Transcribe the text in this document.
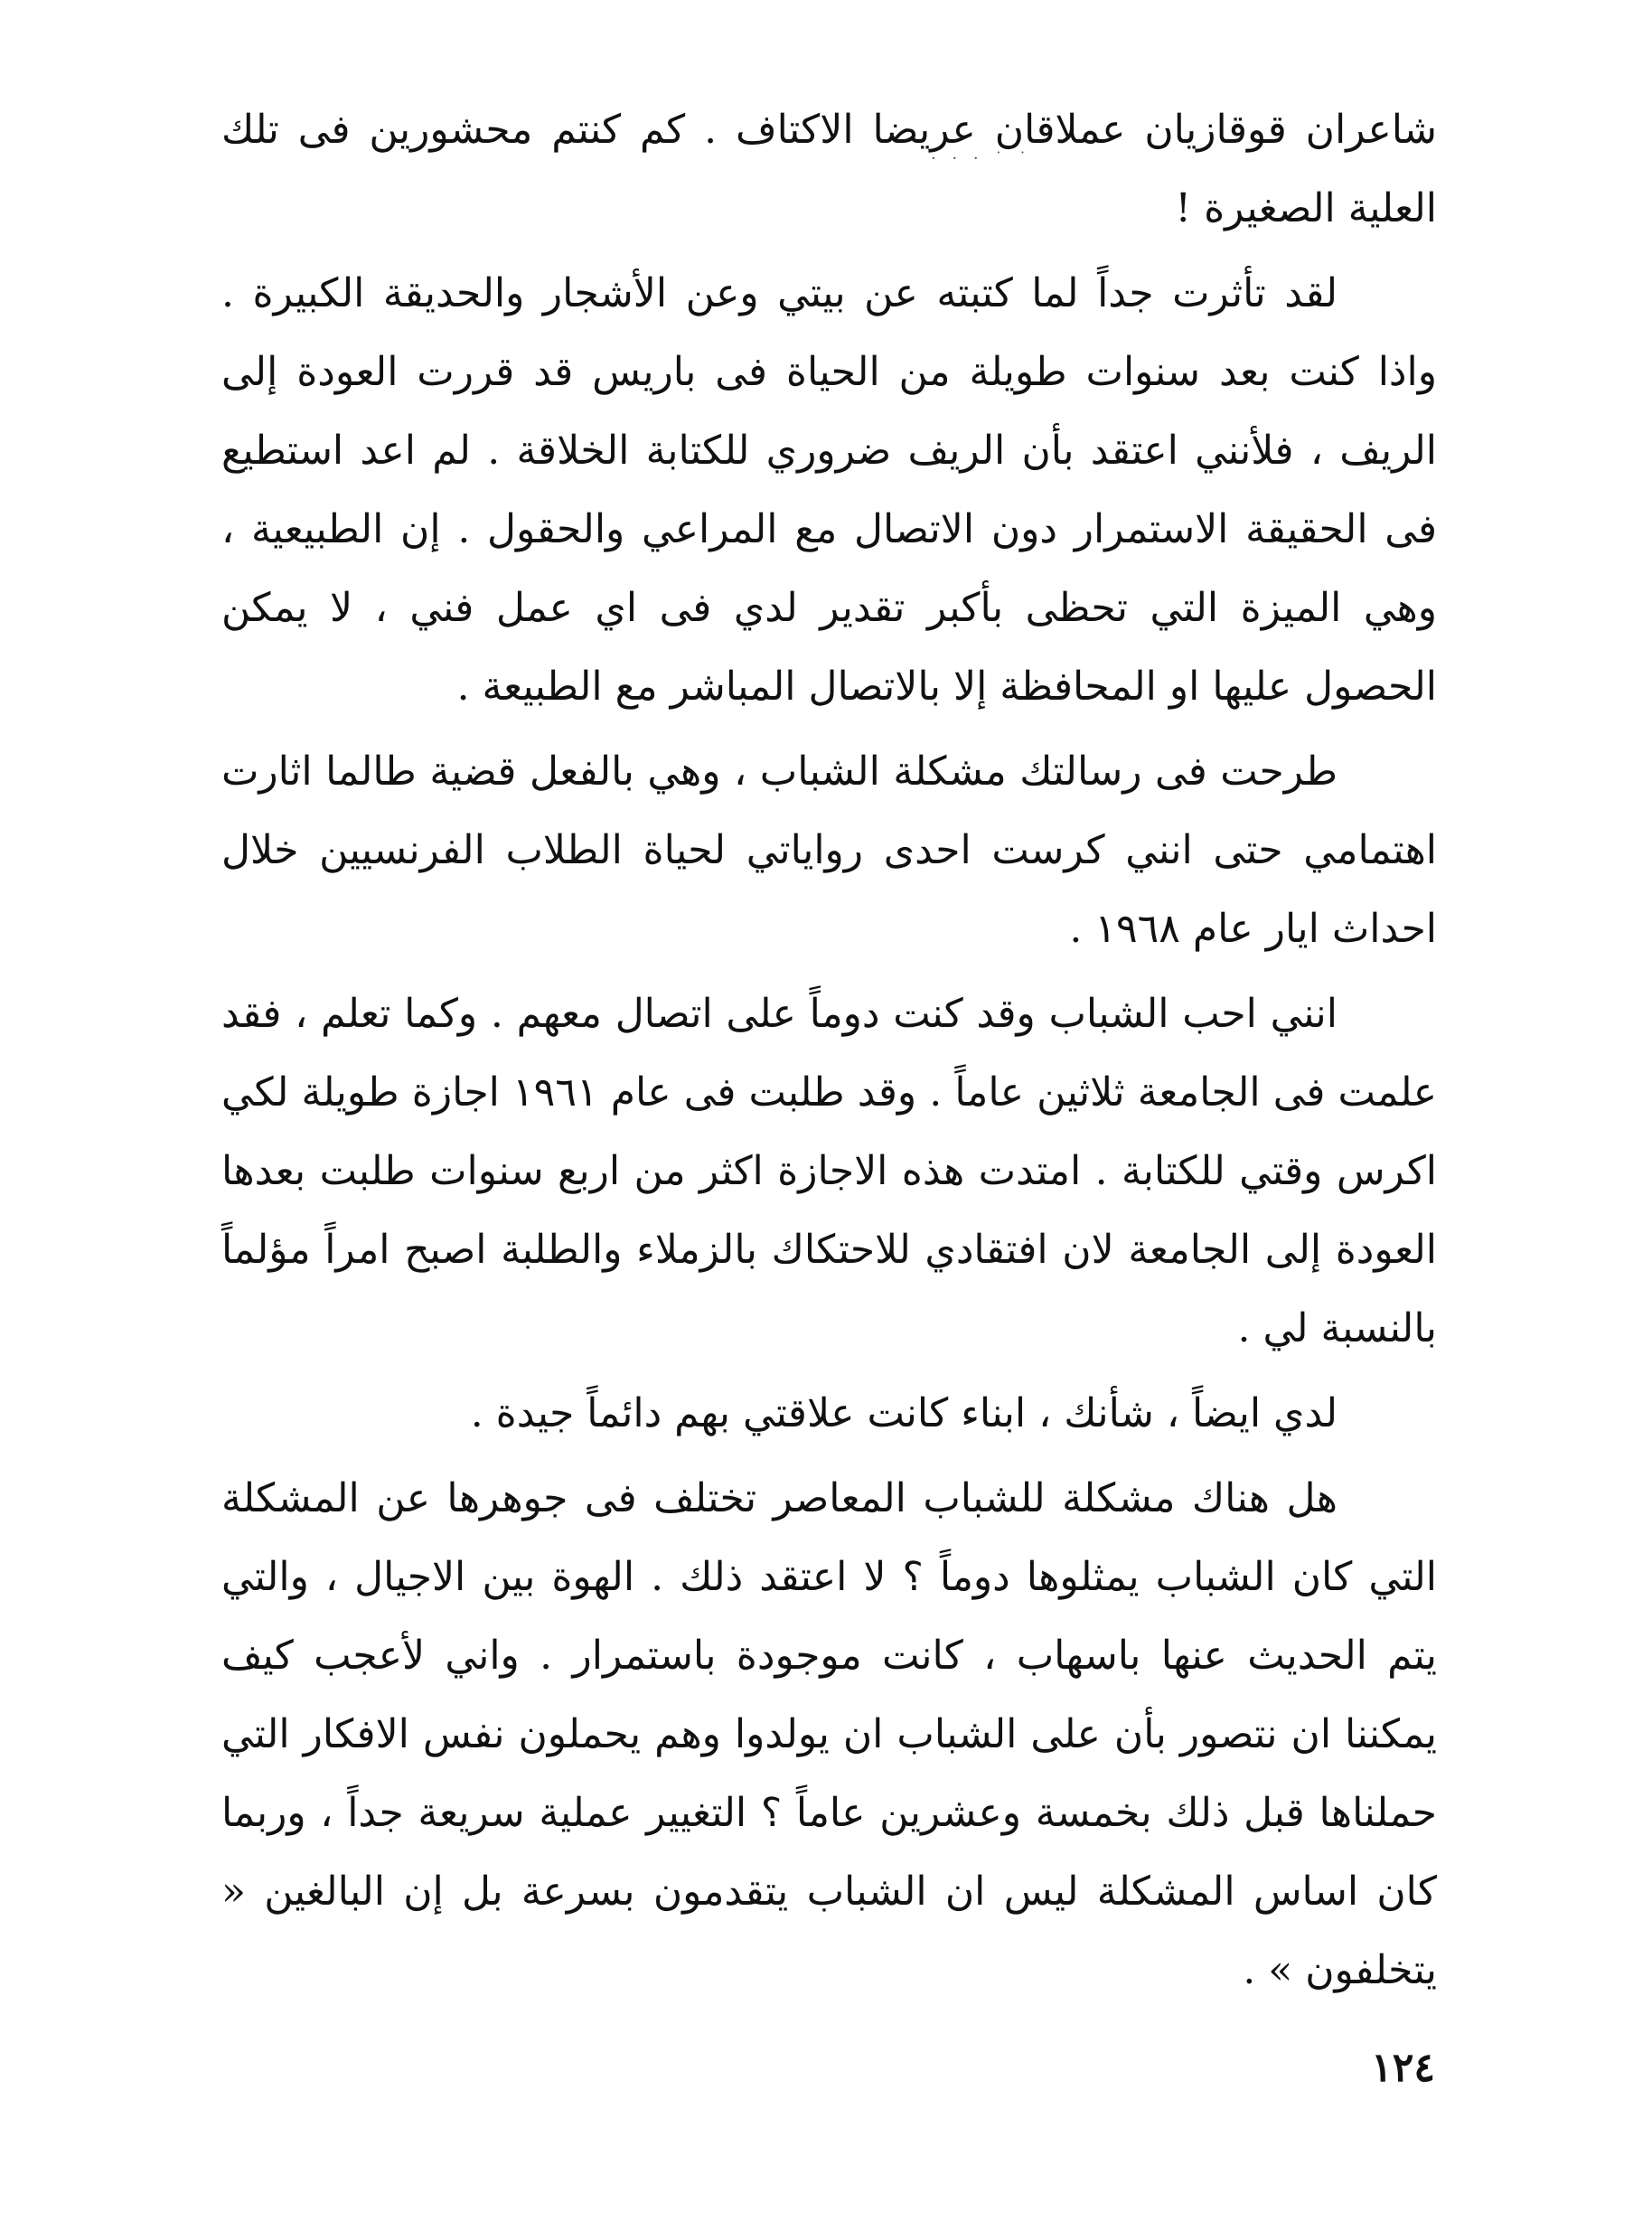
· · · ˙ ˙

شاعران قوقازيان عملاقان عريضا الاكتاف . كم كنتم محشورين فى تلك العلية الصغيرة !

لقد تأثرت جداً لما كتبته عن بيتي وعن الأشجار والحديقة الكبيرة . واذا كنت بعد سنوات طويلة من الحياة فى باريس قد قررت العودة إلى الريف ، فلأنني اعتقد بأن الريف ضروري للكتابة الخلاقة . لم اعد استطيع فى الحقيقة الاستمرار دون الاتصال مع المراعي والحقول . إن الطبيعية ، وهي الميزة التي تحظى بأكبر تقدير لدي فى اي عمل فني ، لا يمكن الحصول عليها او المحافظة إلا بالاتصال المباشر مع الطبيعة .

طرحت فى رسالتك مشكلة الشباب ، وهي بالفعل قضية طالما اثارت اهتمامي حتى انني كرست احدى رواياتي لحياة الطلاب الفرنسيين خلال احداث ايار عام ١٩٦٨ .

انني احب الشباب وقد كنت دوماً على اتصال معهم . وكما تعلم ، فقد علمت فى الجامعة ثلاثين عاماً . وقد طلبت فى عام ١٩٦١ اجازة طويلة لكي اكرس وقتي للكتابة . امتدت هذه الاجازة اكثر من اربع سنوات طلبت بعدها العودة إلى الجامعة لان افتقادي للاحتكاك بالزملاء والطلبة اصبح امراً مؤلماً بالنسبة لي .

لدي ايضاً ، شأنك ، ابناء كانت علاقتي بهم دائماً جيدة .

هل هناك مشكلة للشباب المعاصر تختلف فى جوهرها عن المشكلة التي كان الشباب يمثلوها دوماً ؟ لا اعتقد ذلك . الهوة بين الاجيال ، والتي يتم الحديث عنها باسهاب ، كانت موجودة باستمرار . واني لأعجب كيف يمكننا ان نتصور بأن على الشباب ان يولدوا وهم يحملون نفس الافكار التي حملناها قبل ذلك بخمسة وعشرين عاماً ؟ التغيير عملية سريعة جداً ، وربما كان اساس المشكلة ليس ان الشباب يتقدمون بسرعة بل إن البالغين « يتخلفون » .

١٢٤
